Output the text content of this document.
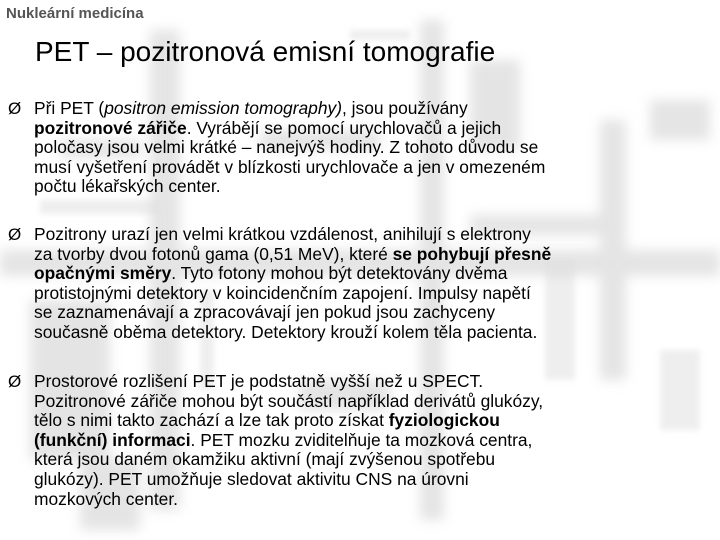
Nukleární medicína
PET – pozitronová emisní tomografie
Ø Při PET (positron emission tomography), jsou používány
pozitronové zářiče. Vyrábějí se pomocí urychlovačů a jejich
poločasy jsou velmi krátké – nanejvýš hodiny. Z tohoto důvodu se
musí vyšetření provádět v blízkosti urychlovače a jen v omezeném
počtu lékařských center.
Ø Pozitrony urazí jen velmi krátkou vzdálenost, anihilují s elektrony
za tvorby dvou fotonů gama (0,51 MeV), které se pohybují přesně
opačnými směry. Tyto fotony mohou být detektovány dvěma
protistojnými detektory v koincidenčním zapojení. Impulsy napětí
se zaznamenávají a zpracovávají jen pokud jsou zachyceny
současně oběma detektory. Detektory krouží kolem těla pacienta.
Ø Prostorové rozlišení PET je podstatně vyšší než u SPECT.
Pozitronové zářiče mohou být součástí například derivátů glukózy,
tělo s nimi takto zachází a lze tak proto získat fyziologickou
(funkční) informaci. PET mozku zviditelňuje ta mozková centra,
která jsou daném okamžiku aktivní (mají zvýšenou spotřebu
glukózy). PET umožňuje sledovat aktivitu CNS na úrovni
mozkových center.
